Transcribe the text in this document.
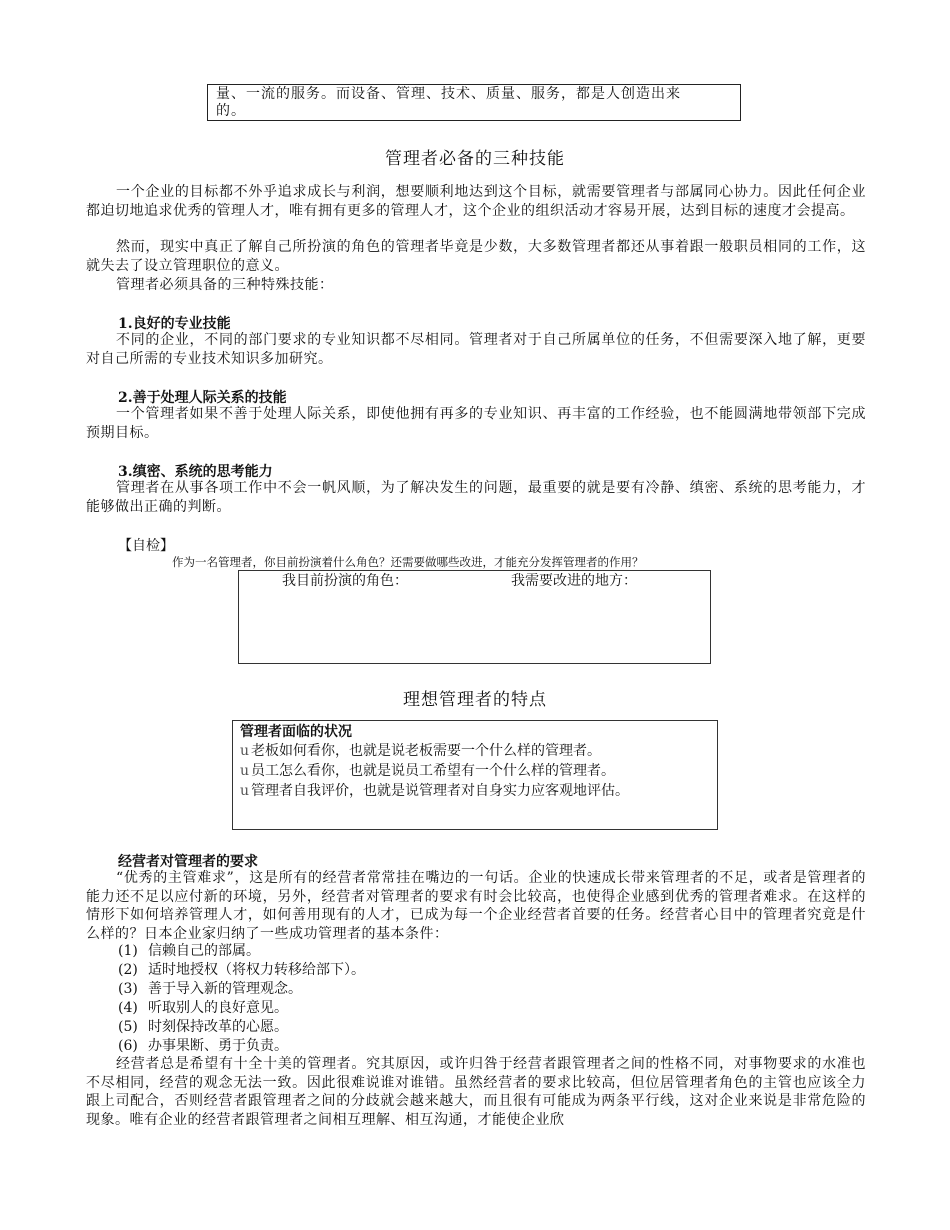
量、一流的服务。而设备、管理、技术、质量、服务，都是人创造出来
的。
管理者必备的三种技能
一个企业的目标都不外乎追求成长与利润，想要顺利地达到这个目标，就需要管理者与部属同心协力。因此任何企业都迫切地追求优秀的管理人才，唯有拥有更多的管理人才，这个企业的组织活动才容易开展，达到目标的速度才会提高。
然而，现实中真正了解自己所扮演的角色的管理者毕竟是少数，大多数管理者都还从事着跟一般职员相同的工作，这就失去了设立管理职位的意义。
管理者必须具备的三种特殊技能：
1.良好的专业技能
不同的企业，不同的部门要求的专业知识都不尽相同。管理者对于自己所属单位的任务，不但需要深入地了解，更要对自己所需的专业技术知识多加研究。
2.善于处理人际关系的技能
一个管理者如果不善于处理人际关系，即使他拥有再多的专业知识、再丰富的工作经验，也不能圆满地带领部下完成预期目标。
3.缜密、系统的思考能力
管理者在从事各项工作中不会一帆风顺，为了解决发生的问题，最重要的就是要有冷静、缜密、系统的思考能力，才能够做出正确的判断。
【自检】
作为一名管理者，你目前扮演着什么角色？还需要做哪些改进，才能充分发挥管理者的作用？
我目前扮演的角色：	我需要改进的地方：
理想管理者的特点
管理者面临的状况
u 老板如何看你，也就是说老板需要一个什么样的管理者。
u 员工怎么看你，也就是说员工希望有一个什么样的管理者。
u 管理者自我评价，也就是说管理者对自身实力应客观地评估。
经营者对管理者的要求
“优秀的主管难求”，这是所有的经营者常常挂在嘴边的一句话。企业的快速成长带来管理者的不足，或者是管理者的能力还不足以应付新的环境，另外，经营者对管理者的要求有时会比较高，也使得企业感到优秀的管理者难求。在这样的情形下如何培养管理人才，如何善用现有的人才，已成为每一个企业经营者首要的任务。经营者心目中的管理者究竟是什么样的？日本企业家归纳了一些成功管理者的基本条件：
(1) 信赖自己的部属。
(2) 适时地授权（将权力转移给部下）。
(3) 善于导入新的管理观念。
(4) 听取别人的良好意见。
(5) 时刻保持改革的心愿。
(6) 办事果断、勇于负责。
经营者总是希望有十全十美的管理者。究其原因，或许归咎于经营者跟管理者之间的性格不同，对事物要求的水准也不尽相同，经营的观念无法一致。因此很难说谁对谁错。虽然经营者的要求比较高，但位居管理者角色的主管也应该全力跟上司配合，否则经营者跟管理者之间的分歧就会越来越大，而且很有可能成为两条平行线，这对企业来说是非常危险的现象。唯有企业的经营者跟管理者之间相互理解、相互沟通，才能使企业欣
